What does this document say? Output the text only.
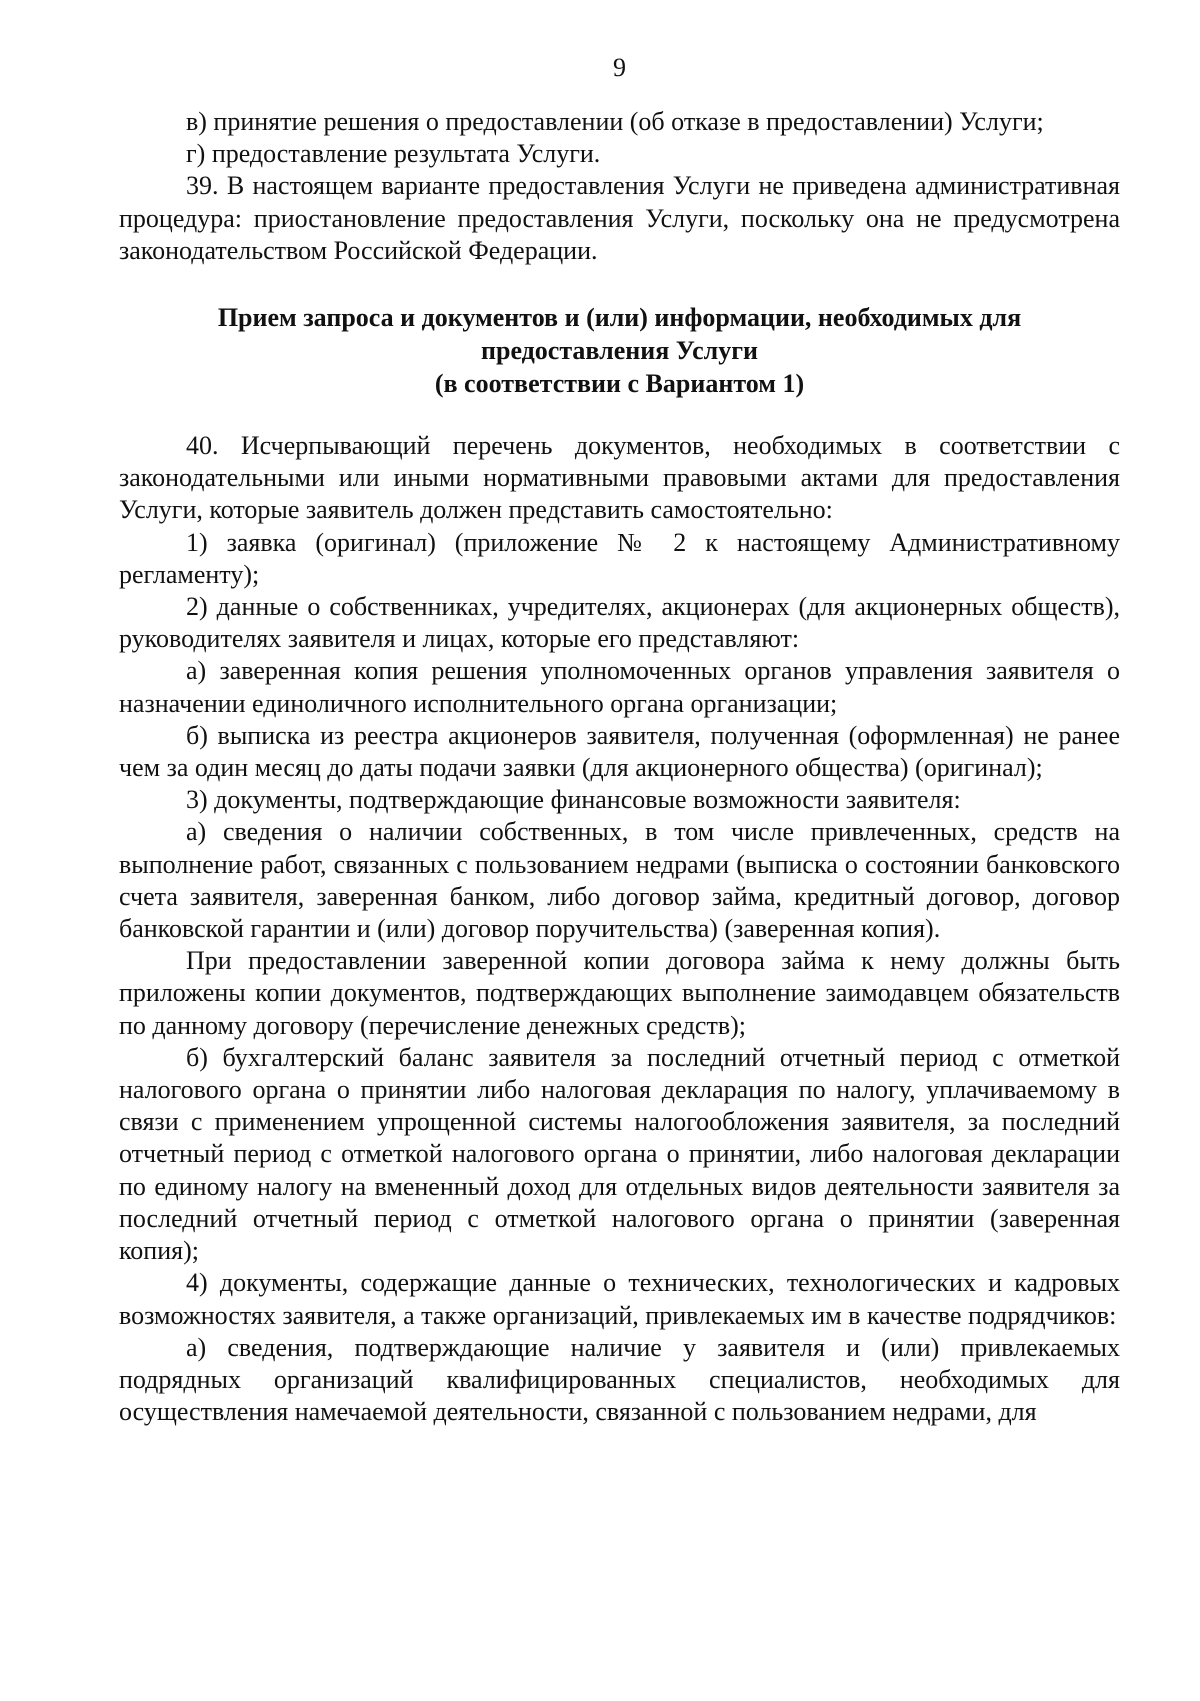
9

в) принятие решения о предоставлении (об отказе в предоставлении) Услуги;

г) предоставление результата Услуги.

39. В настоящем варианте предоставления Услуги не приведена административная процедура: приостановление предоставления Услуги, поскольку она не предусмотрена законодательством Российской Федерации.

Прием запроса и документов и (или) информации, необходимых для
предоставления Услуги
(в соответствии с Вариантом 1)

40. Исчерпывающий перечень документов, необходимых в соответствии с законодательными или иными нормативными правовыми актами для предоставления Услуги, которые заявитель должен представить самостоятельно:

1) заявка (оригинал) (приложение № 2 к настоящему Административному регламенту);

2) данные о собственниках, учредителях, акционерах (для акционерных обществ), руководителях заявителя и лицах, которые его представляют:

а) заверенная копия решения уполномоченных органов управления заявителя о назначении единоличного исполнительного органа организации;

б) выписка из реестра акционеров заявителя, полученная (оформленная) не ранее чем за один месяц до даты подачи заявки (для акционерного общества) (оригинал);

3) документы, подтверждающие финансовые возможности заявителя:

а) сведения о наличии собственных, в том числе привлеченных, средств на выполнение работ, связанных с пользованием недрами (выписка о состоянии банковского счета заявителя, заверенная банком, либо договор займа, кредитный договор, договор банковской гарантии и (или) договор поручительства) (заверенная копия).

При предоставлении заверенной копии договора займа к нему должны быть приложены копии документов, подтверждающих выполнение заимодавцем обязательств по данному договору (перечисление денежных средств);

б) бухгалтерский баланс заявителя за последний отчетный период с отметкой налогового органа о принятии либо налоговая декларация по налогу, уплачиваемому в связи с применением упрощенной системы налогообложения заявителя, за последний отчетный период с отметкой налогового органа о принятии, либо налоговая декларации по единому налогу на вмененный доход для отдельных видов деятельности заявителя за последний отчетный период с отметкой налогового органа о принятии (заверенная копия);

4) документы, содержащие данные о технических, технологических и кадровых возможностях заявителя, а также организаций, привлекаемых им в качестве подрядчиков:

а) сведения, подтверждающие наличие у заявителя и (или) привлекаемых подрядных организаций квалифицированных специалистов, необходимых для осуществления намечаемой деятельности, связанной с пользованием недрами, для
